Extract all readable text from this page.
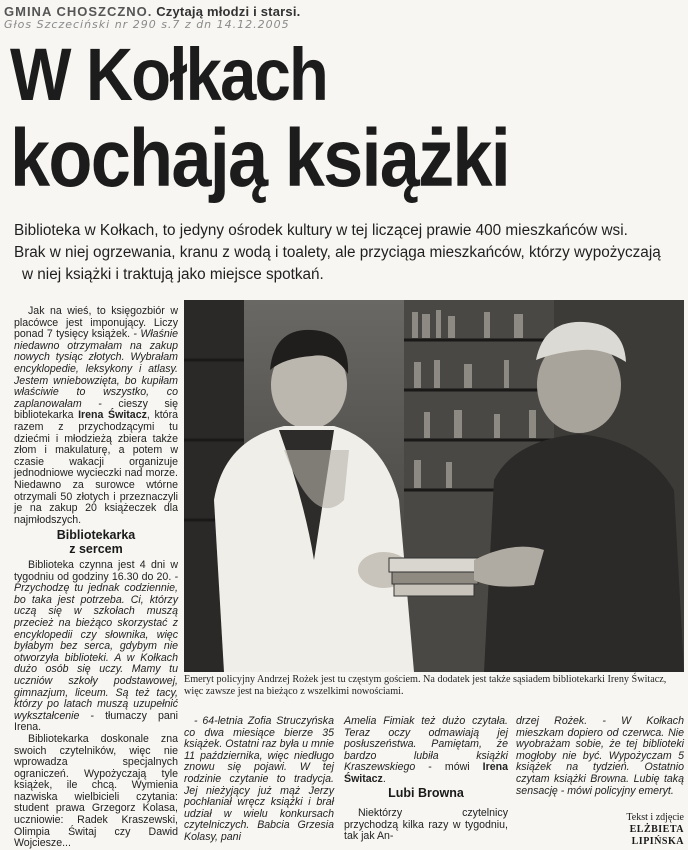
GMINA CHOSZCZNO. Czytają młodzi i starsi.
Głos Szczeciński nr 290 s.7 z dn 14.12.2005
W Kołkach
kochają książki

Biblioteka w Kołkach, to jedyny ośrodek kultury w tej liczącej prawie 400 mieszkańców wsi.

Brak w niej ogrzewania, kranu z wodą i toalety, ale przyciąga mieszkańców, którzy wypożyczają

w niej książki i traktują jako miejsce spotkań.

Jak na wieś, to księgozbiór w placówce jest imponujący. Liczy ponad 7 tysięcy książek. - Właśnie niedawno otrzymałam na zakup nowych tysiąc złotych. Wybrałam encyklopedie, leksykony i atlasy. Jestem wniebowzięta, bo kupiłam właściwie to wszystko, co zaplanowałam - cieszy się bibliotekarka Irena Świtacz, która razem z przychodzącymi tu dziećmi i młodzieżą zbiera także złom i makulaturę, a potem w czasie wakacji organizuje jednodniowe wycieczki nad morze. Niedawno za surowce wtórne otrzymali 50 złotych i przeznaczyli je na zakup 20 książeczek dla najmłodszych.

Bibliotekarka
z sercem

Biblioteka czynna jest 4 dni w tygodniu od godziny 16.30 do 20. - Przychodzę tu jednak codziennie, bo taka jest potrzeba. Ci, którzy uczą się w szkołach muszą przecież na bieżąco skorzystać z encyklopedii czy słownika, więc byłabym bez serca, gdybym nie otworzyła biblioteki. A w Kołkach dużo osób się uczy. Mamy tu uczniów szkoły podstawowej, gimnazjum, liceum. Są też tacy, którzy po latach muszą uzupełnić wykształcenie - tłumaczy pani Irena.

Bibliotekarka doskonale zna swoich czytelników, więc nie wprowadza specjalnych ograniczeń. Wypożyczają tyle książek, ile chcą. Wymienia nazwiska wielbicieli czytania: student prawa Grzegorz Kolasa, uczniowie: Radek Kraszewski, Olimpia Świtaj czy Dawid Wojciesze...

Emeryt policyjny Andrzej Rożek jest tu częstym gościem. Na dodatek jest także sąsiadem bibliotekarki Ireny Świtacz, więc zawsze jest na bieżąco z wszelkimi nowościami.

- 64-letnia Zofia Struczyńska co dwa miesiące bierze 35 książek. Ostatni raz była u mnie 11 października, więc niedługo znowu się pojawi. W tej rodzinie czytanie to tradycja. Jej nieżyjący już mąż Jerzy pochłaniał wręcz książki i brał udział w wielu konkursach czytelniczych. Babcia Grzesia Kolasy, pani

Amelia Fimiak też dużo czytała. Teraz oczy odmawiają jej posłuszeństwa. Pamiętam, że bardzo lubiła książki Kraszewskiego - mówi Irena Świtacz.

Lubi Browna

Niektórzy czytelnicy przychodzą kilka razy w tygodniu, tak jak An-

drzej Rożek. - W Kołkach mieszkam dopiero od czerwca. Nie wyobrażam sobie, że tej biblioteki mogłoby nie być. Wypożyczam 5 książek na tydzień. Ostatnio czytam książki Browna. Lubię taką sensację - mówi policyjny emeryt.

Tekst i zdjęcie
ELŻBIETA LIPIŃSKA
